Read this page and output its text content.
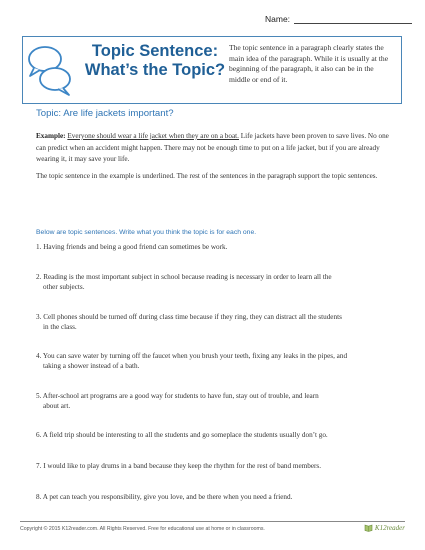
Name:
Topic Sentence:
What’s the Topic?
The topic sentence in a paragraph clearly states the main idea of the paragraph. While it is usually at the beginning of the paragraph, it also can be in the middle or end of it.
Topic: Are life jackets important?

Example: Everyone should wear a life jacket when they are on a boat. Life jackets have been proven to save lives. No one can predict when an accident might happen. There may not be enough time to put on a life jacket, but if you are already wearing it, it may save your life.

The topic sentence in the example is underlined. The rest of the sentences in the paragraph support the topic sentences.

Below are topic sentences. Write what you think the topic is for each one.
1. Having friends and being a good friend can sometimes be work.
2. Reading is the most important subject in school because reading is necessary in order to learn all the
other subjects.
3. Cell phones should be turned off during class time because if they ring, they can distract all the students
in the class.
4. You can save water by turning off the faucet when you brush your teeth, fixing any leaks in the pipes, and
taking a shower instead of a bath.
5. After-school art programs are a good way for students to have fun, stay out of trouble, and learn
about art.
6. A field trip should be interesting to all the students and go someplace the students usually don’t go.
7. I would like to play drums in a band because they keep the rhythm for the rest of band members.
8. A pet can teach you responsibility, give you love, and be there when you need a friend.
Copyright © 2015 K12reader.com. All Rights Reserved. Free for educational use at home or in classrooms.	K12reader
